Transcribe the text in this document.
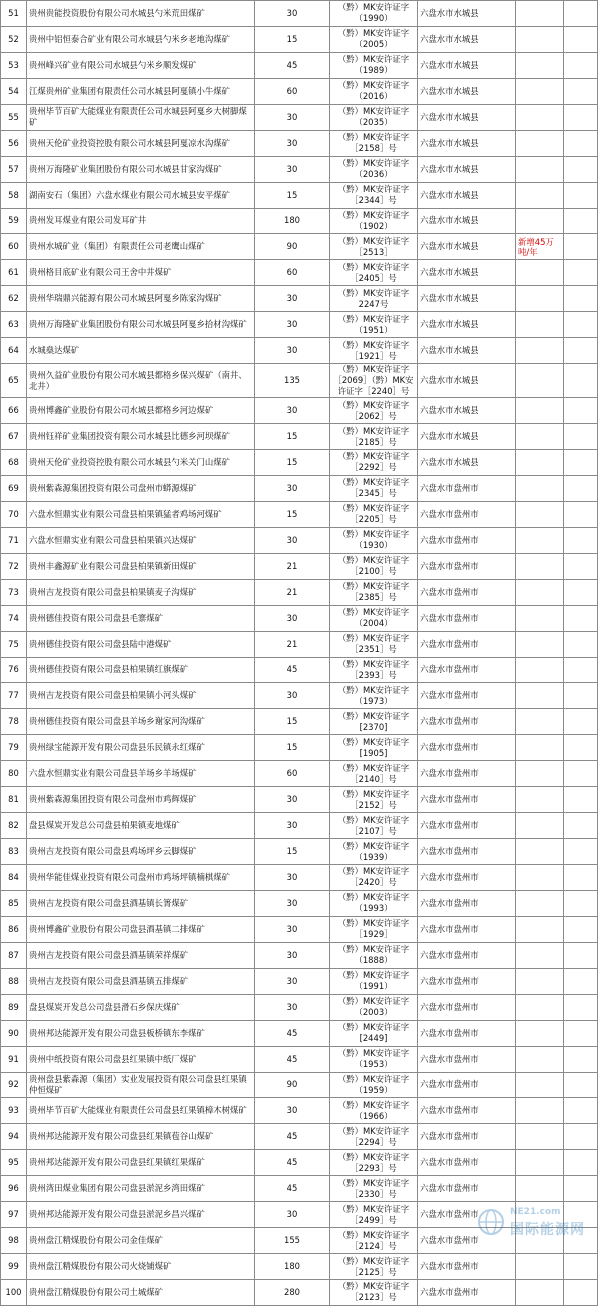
51	贵州贵能投资股份有限公司水城县勺米荒田煤矿	30	（黔）MK安许证字（1990）	六盘水市水城县		
52	贵州中铝恒泰合矿业有限公司水城县勺米乡老地沟煤矿	15	（黔）MK安许证字（2005）	六盘水市水城县		
53	贵州峰兴矿业有限公司水城县勺米乡顺发煤矿	45	（黔）MK安许证字（1989）	六盘水市水城县		
54	江煤贵州矿业集团有限责任公司水城县阿戛镇小牛煤矿	60	（黔）MK安许证字（2016）	六盘水市水城县		
55	贵州毕节百矿大能煤业有限责任公司水城县阿戛乡大树脚煤矿	30	（黔）MK安许证字（2035）	六盘水市水城县		
56	贵州天伦矿业投资控股有限公司水城县阿戛凉水沟煤矿	30	（黔）MK安许证字［2158］号	六盘水市水城县		
57	贵州万海隆矿业集团股份有限公司水城县甘家沟煤矿	30	（黔）MK安许证字（2036）	六盘水市水城县		
58	湖南安石（集团）六盘水煤业有限公司水城县安平煤矿	15	（黔）MK安许证字［2344］号	六盘水市水城县		
59	贵州发耳煤业有限公司发耳矿井	180	（黔）MK安许证字（1902）	六盘水市水城县		
60	贵州水城矿业（集团）有限责任公司老鹰山煤矿	90	（黔）MK安许证字［2513］	六盘水市水城县	新增45万吨/年	
61	贵州格目底矿业有限公司王舍中井煤矿	60	（黔）MK安许证字［2405］号	六盘水市水城县		
62	贵州华瑞鼎兴能源有限公司水城县阿戛乡陈家沟煤矿	30	（黔）MK安许证字2247号	六盘水市水城县		
63	贵州万海隆矿业集团股份有限公司水城县阿戛乡拾材沟煤矿	30	（黔）MK安许证字（1951）	六盘水市水城县		
64	水城燊达煤矿	30	（黔）MK安许证字［1921］号	六盘水市水城县		
65	贵州久益矿业股份有限公司水城县都格乡保兴煤矿（南井、北井）	135	（黔）MK安许证字［2069］（黔）MK安许证字［2240］号	六盘水市水城县		
66	贵州博鑫矿业股份有限公司水城县都格乡河边煤矿	30	（黔）MK安许证字［2062］号	六盘水市水城县		
67	贵州钰祥矿业集团投资有限公司水城县比德乡河坝煤矿	15	（黔）MK安许证字［2185］号	六盘水市水城县		
68	贵州天伦矿业投资控股有限公司水城县勺米关门山煤矿	15	（黔）MK安许证字［2292］号	六盘水市水城县		
69	贵州紫森源集团投资有限公司盘州市蟒源煤矿	30	（黔）MK安许证字［2345］号	六盘水市盘州市		
70	六盘水恒鼎实业有限公司盘县柏果镇猛者鸡场河煤矿	15	（黔）MK安许证字［2205］号	六盘水市盘州市		
71	六盘水恒鼎实业有限公司盘县柏果镇兴达煤矿	30	（黔）MK安许证字（1930）	六盘水市盘州市		
72	贵州丰鑫源矿业有限公司盘县柏果镇新田煤矿	21	（黔）MK安许证字［2100］号	六盘水市盘州市		
73	贵州吉龙投资有限公司盘县柏果镇麦子沟煤矿	21	（黔）MK安许证字［2385］号	六盘水市盘州市		
74	贵州德佳投资有限公司盘县毛寨煤矿	30	（黔）MK安许证字（2004）	六盘水市盘州市		
75	贵州德佳投资有限公司盘县陆中港煤矿	21	（黔）MK安许证字［2351］号	六盘水市盘州市		
76	贵州德佳投资有限公司盘县柏果镇红旗煤矿	45	（黔）MK安许证字［2393］号	六盘水市盘州市		
77	贵州吉龙投资有限公司盘县柏果镇小河头煤矿	30	（黔）MK安许证字（1973）	六盘水市盘州市		
78	贵州德佳投资有限公司盘县羊场乡谢家河沟煤矿	15	（黔）MK安许证字[2370]	六盘水市盘州市		
79	贵州绿宝能源开发有限公司盘县乐民镇永红煤矿	15	（黔）MK安许证字[1905]	六盘水市盘州市		
80	六盘水恒鼎实业有限公司盘县羊场乡羊场煤矿	60	（黔）MK安许证字［2140］号	六盘水市盘州市		
81	贵州紫森源集团投资有限公司盘州市鸡辉煤矿	30	（黔）MK安许证字［2152］号	六盘水市盘州市		
82	盘县煤炭开发总公司盘县柏果镇麦地煤矿	30	（黔）MK安许证字［2107］号	六盘水市盘州市		
83	贵州吉龙投资有限公司盘县鸡场坪乡云脚煤矿	15	（黔）MK安许证字（1939）	六盘水市盘州市		
84	贵州华能佳煤业投资有限公司盘州市鸡场坪镇楠棋煤矿	30	（黔）MK安许证字［2420］号	六盘水市盘州市		
85	贵州吉龙投资有限公司盘县酒基镇长箐煤矿	30	（黔）MK安许证字（1993）	六盘水市盘州市		
86	贵州博鑫矿业股份有限公司盘县酒基镇二排煤矿	30	（黔）MK安许证字［1929］	六盘水市盘州市		
87	贵州吉龙投资有限公司盘县酒基镇荣祥煤矿	30	（黔）MK安许证字（1888）	六盘水市盘州市		
88	贵州吉龙投资有限公司盘县酒基镇五排煤矿	30	（黔）MK安许证字（1991）	六盘水市盘州市		
89	盘县煤炭开发总公司盘县滑石乡保庆煤矿	30	（黔）MK安许证字（2003）	六盘水市盘州市		
90	贵州邦达能源开发有限公司盘县板桥镇东李煤矿	45	（黔）MK安许证字[2449]	六盘水市盘州市		
91	贵州中纸投资有限公司盘县红果镇中纸厂煤矿	45	（黔）MK安许证字（1953）	六盘水市盘州市		
92	贵州盘县紫森源（集团）实业发展投资有限公司盘县红果镇仲恒煤矿	90	（黔）MK安许证字（1959）	六盘水市盘州市		
93	贵州毕节百矿大能煤业有限责任公司盘县红果镇樟木树煤矿	30	（黔）MK安许证字（1966）	六盘水市盘州市		
94	贵州邦达能源开发有限公司盘县红果镇苞谷山煤矿	45	（黔）MK安许证字［2294］号	六盘水市盘州市		
95	贵州邦达能源开发有限公司盘县红果镇红果煤矿	45	（黔）MK安许证字［2293］号	六盘水市盘州市		
96	贵州湾田煤业集团有限公司盘县淤泥乡湾田煤矿	45	（黔）MK安许证字［2330］号	六盘水市盘州市		
97	贵州邦达能源开发有限公司盘县淤泥乡昌兴煤矿	30	（黔）MK安许证字［2499］号	六盘水市盘州市		
98	贵州盘江精煤股份有限公司金佳煤矿	155	（黔）MK安许证字［2124］号	六盘水市盘州市		
99	贵州盘江精煤股份有限公司火烧铺煤矿	180	（黔）MK安许证字［2125］号	六盘水市盘州市		
100	贵州盘江精煤股份有限公司土城煤矿	280	（黔）MK安许证字［2123］号	六盘水市盘州市		
NE21.com
国际能源网
